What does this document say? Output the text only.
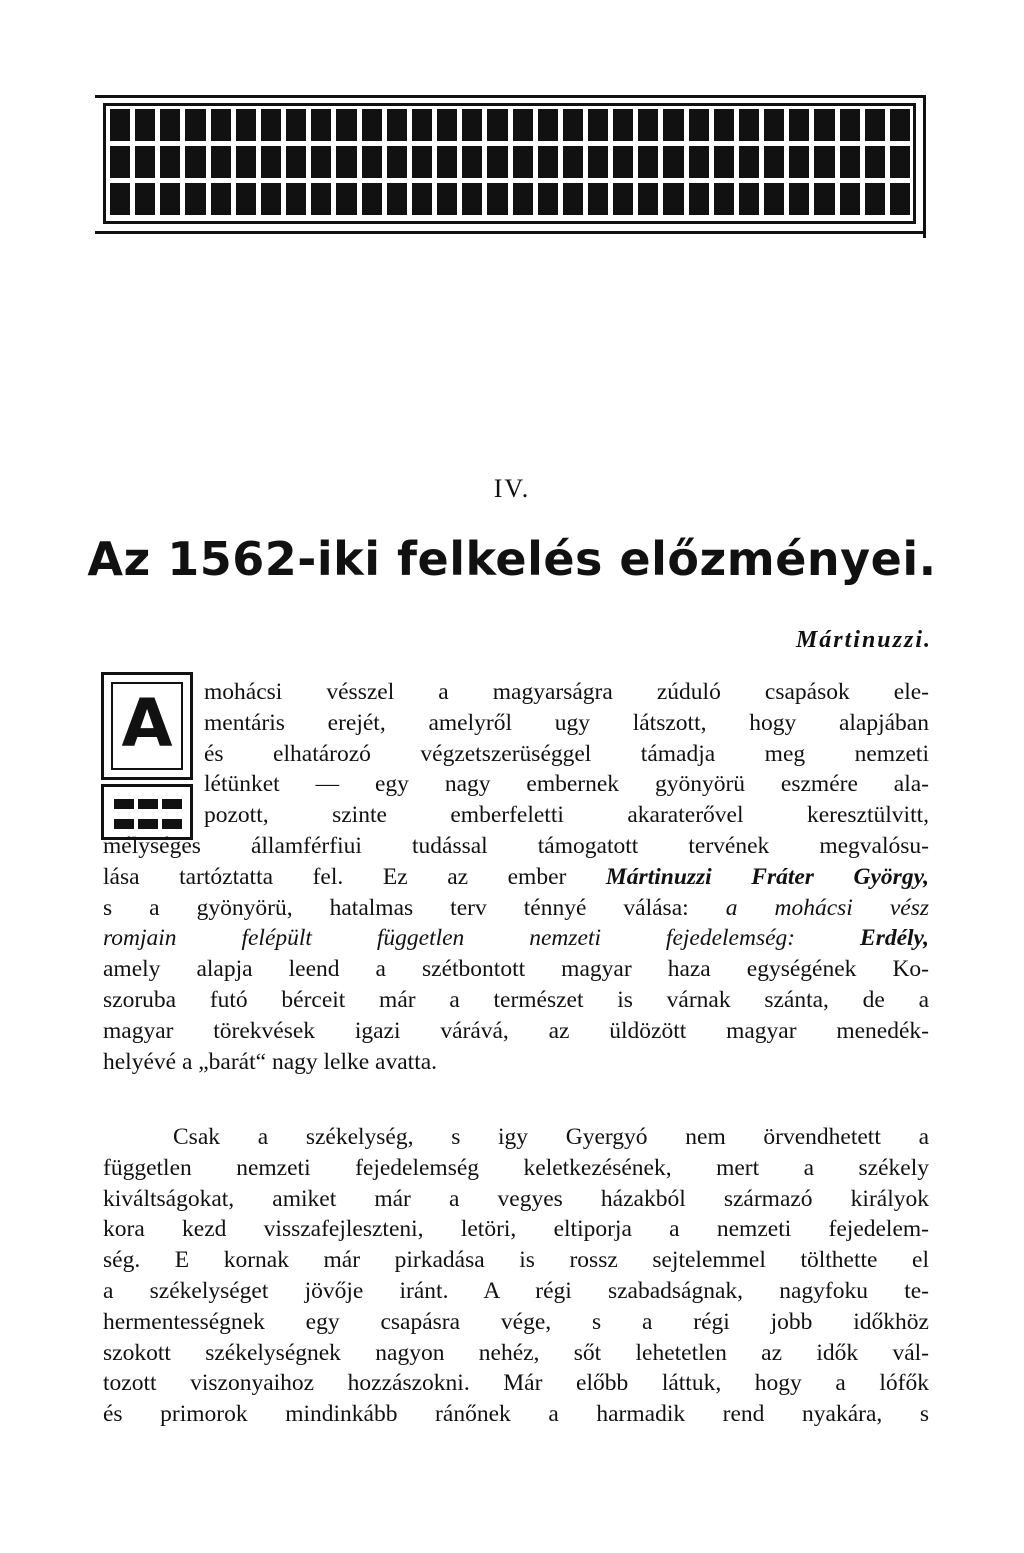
IV.
Az 1562-iki felkelés előzményei.
Mártinuzzi.
A	mohácsi vésszel a magyarságra zúduló csapások ele-
mentáris erejét, amelyről ugy látszott, hogy alapjában
és elhatározó végzetszerüséggel támadja meg nemzeti
létünket — egy nagy embernek gyönyörü eszmére ala-
pozott, szinte emberfeletti akaraterővel keresztülvitt,
mélységes államférfiui tudással támogatott tervének megvalósu-
lása tartóztatta fel. Ez az ember Mártinuzzi Fráter György,
s a gyönyörü, hatalmas terv ténnyé válása: a mohácsi vész
romjain felépült független nemzeti fejedelemség: Erdély,
amely alapja leend a szétbontott magyar haza egységének Ko-
szoruba futó bérceit már a természet is várnak szánta, de a
magyar törekvések igazi várává, az üldözött magyar menedék-
helyévé a „barát“ nagy lelke avatta.
Csak a székelység, s igy Gyergyó nem örvendhetett a
független nemzeti fejedelemség keletkezésének, mert a székely
kiváltságokat, amiket már a vegyes házakból származó királyok
kora kezd visszafejleszteni, letöri, eltiporja a nemzeti fejedelem-
ség. E kornak már pirkadása is rossz sejtelemmel tölthette el
a székelységet jövője iránt. A régi szabadságnak, nagyfoku te-
hermentességnek egy csapásra vége, s a régi jobb időkhöz
szokott székelységnek nagyon nehéz, sőt lehetetlen az idők vál-
tozott viszonyaihoz hozzászokni. Már előbb láttuk, hogy a lófők
és primorok mindinkább ránőnek a harmadik rend nyakára, s
